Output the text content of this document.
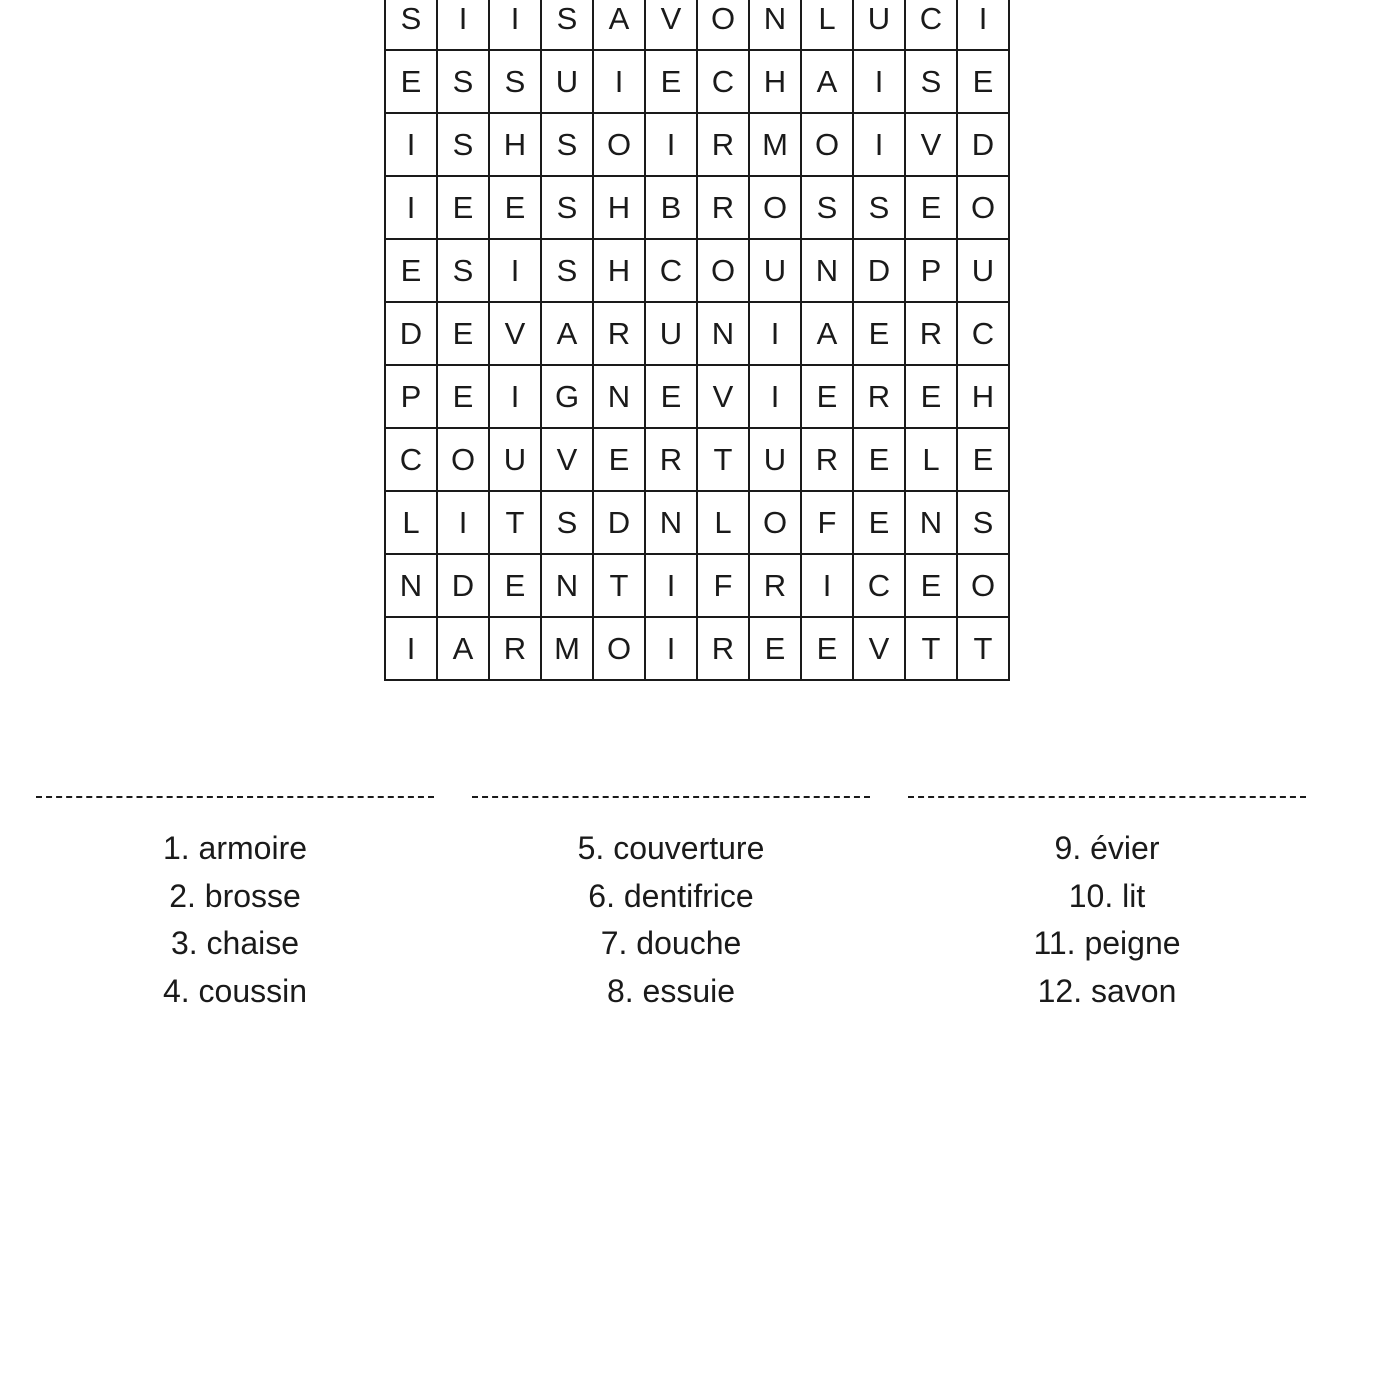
S	I	I	S	A	V	O	N	L	U	C	I
E	S	S	U	I	E	C	H	A	I	S	E
I	S	H	S	O	I	R	M	O	I	V	D
I	E	E	S	H	B	R	O	S	S	E	O
E	S	I	S	H	C	O	U	N	D	P	U
D	E	V	A	R	U	N	I	A	E	R	C
P	E	I	G	N	E	V	I	E	R	E	H
C	O	U	V	E	R	T	U	R	E	L	E
L	I	T	S	D	N	L	O	F	E	N	S
N	D	E	N	T	I	F	R	I	C	E	O
I	A	R	M	O	I	R	E	E	V	T	T
1. armoire
2. brosse
3. chaise
4. coussin
5. couverture
6. dentifrice
7. douche
8. essuie
9. évier
10. lit
11. peigne
12. savon
